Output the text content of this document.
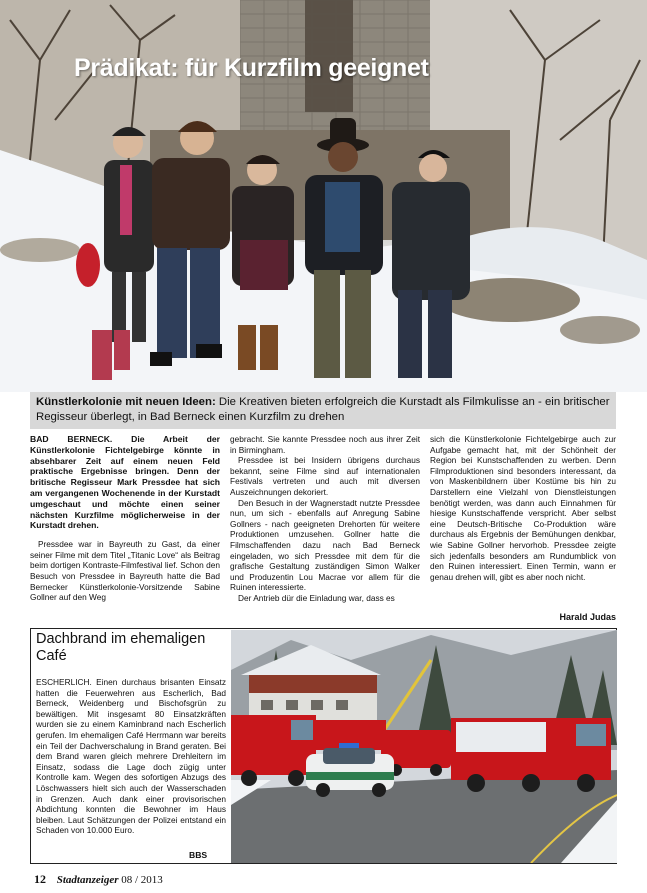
Prädikat: für Kurzfilm geeignet
Künstlerkolonie mit neuen Ideen: Die Kreativen bieten erfolgreich die Kurstadt als Filmkulisse an - ein britischer Regisseur überlegt, in Bad Berneck einen Kurzfilm zu drehen

BAD BERNECK. Die Arbeit der Künstlerkolonie Fichtelgebirge könnte in absehbarer Zeit auf einem neuen Feld praktische Ergebnisse bringen. Denn der britische Regisseur Mark Pressdee hat sich am vergangenen Wochenende in der Kurstadt umgeschaut und möchte einen seiner nächsten Kurzfilme möglicherweise in der Kurstadt drehen.

Pressdee war in Bayreuth zu Gast, da einer seiner Filme mit dem Titel „Titanic Love“ als Beitrag beim dortigen Kontraste-Filmfestival lief. Schon den Besuch von Pressdee in Bayreuth hatte die Bad Bernecker Künstlerkolonie-Vorsitzende Sabine Gollner auf den Weg

gebracht. Sie kannte Pressdee noch aus ihrer Zeit in Birmingham.

Pressdee ist bei Insidern übrigens durchaus bekannt, seine Filme sind auf internationalen Festivals vertreten und auch mit diversen Auszeichnungen dekoriert.

Den Besuch in der Wagnerstadt nutzte Pressdee nun, um sich - ebenfalls auf Anregung Sabine Gollners - nach geeigneten Drehorten für weitere Produktionen umzusehen. Gollner hatte die Filmschaffenden dazu nach Bad Berneck eingeladen, wo sich Pressdee mit dem für die grafische Gestaltung zuständigen Simon Walker und Produzentin Lou Macrae vor allem für die Ruinen interessierte.

Der Antrieb dür die Einladung war, dass es

sich die Künstlerkolonie Fichtelgebirge auch zur Aufgabe gemacht hat, mit der Schönheit der Region bei Kunstschaffenden zu werben. Denn Filmproduktionen sind besonders interessant, da von Maskenbildnern über Kostüme bis hin zu Darstellern eine Vielzahl von Dienstleistungen benötigt werden, was dann auch Einnahmen für hiesige Kunstschaffende verspricht. Aber selbst eine Deutsch-Britische Co-Produktion wäre durchaus als Ergebnis der Bemühungen denkbar, wie Sabine Gollner hervorhob. Pressdee zeigte sich jedenfalls besonders am Rundumblick von den Ruinen interessiert. Einen Termin, wann er genau drehen will, gibt es aber noch nicht.

Harald Judas
Dachbrand im ehemaligen Café
ESCHERLICH. Einen durchaus brisanten Einsatz hatten die Feuerwehren aus Escherlich, Bad Berneck, Weidenberg und Bischofsgrün zu bewältigen. Mit insgesamt 80 Einsatzkräften wurden sie zu einem Kaminbrand nach Escherlich gerufen. Im ehemaligen Café Herrmann war bereits ein Teil der Dachverschalung in Brand geraten. Bei dem Brand waren gleich mehrere Drehleitern im Einsatz, sodass die Lage doch zügig unter Kontrolle kam. Wegen des sofortigen Abzugs des Löschwassers hielt sich auch der Wasserschaden in Grenzen. Auch dank einer provisorischen Abdichtung konnten die Bewohner im Haus bleiben. Laut Schätzungen der Polizei entstand ein Schaden von 10.000 Euro.
BBS
12 Stadtanzeiger 08 / 2013
